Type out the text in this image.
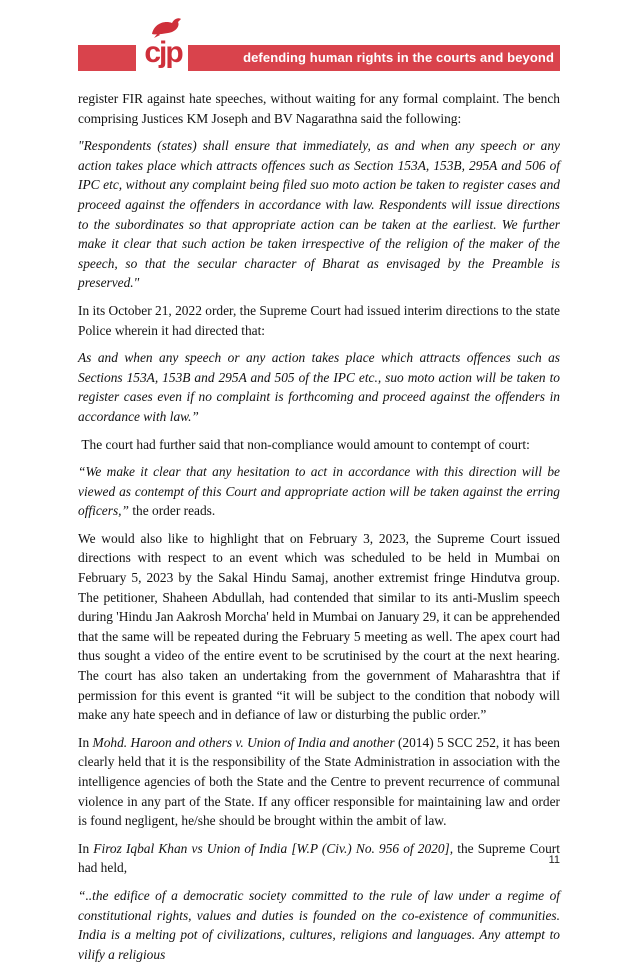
cjp	defending human rights in the courts and beyond

register FIR against hate speeches, without waiting for any formal complaint. The bench comprising Justices KM Joseph and BV Nagarathna said the following:

"Respondents (states) shall ensure that immediately, as and when any speech or any action takes place which attracts offences such as Section 153A, 153B, 295A and 506 of IPC etc, without any complaint being filed suo moto action be taken to register cases and proceed against the offenders in accordance with law. Respondents will issue directions to the subordinates so that appropriate action can be taken at the earliest. We further make it clear that such action be taken irrespective of the religion of the maker of the speech, so that the secular character of Bharat as envisaged by the Preamble is preserved."

In its October 21, 2022 order, the Supreme Court had issued interim directions to the state Police wherein it had directed that:

As and when any speech or any action takes place which attracts offences such as Sections 153A, 153B and 295A and 505 of the IPC etc., suo moto action will be taken to register cases even if no complaint is forthcoming and proceed against the offenders in accordance with law.”

The court had further said that non-compliance would amount to contempt of court:

“We make it clear that any hesitation to act in accordance with this direction will be viewed as contempt of this Court and appropriate action will be taken against the erring officers,” the order reads.

We would also like to highlight that on February 3, 2023, the Supreme Court issued directions with respect to an event which was scheduled to be held in Mumbai on February 5, 2023 by the Sakal Hindu Samaj, another extremist fringe Hindutva group. The petitioner, Shaheen Abdullah, had contended that similar to its anti-Muslim speech during 'Hindu Jan Aakrosh Morcha' held in Mumbai on January 29, it can be apprehended that the same will be repeated during the February 5 meeting as well. The apex court had thus sought a video of the entire event to be scrutinised by the court at the next hearing. The court has also taken an undertaking from the government of Maharashtra that if permission for this event is granted “it will be subject to the condition that nobody will make any hate speech and in defiance of law or disturbing the public order.”

In Mohd. Haroon and others v. Union of India and another (2014) 5 SCC 252, it has been clearly held that it is the responsibility of the State Administration in association with the intelligence agencies of both the State and the Centre to prevent recurrence of communal violence in any part of the State. If any officer responsible for maintaining law and order is found negligent, he/she should be brought within the ambit of law.

In Firoz Iqbal Khan vs Union of India [W.P (Civ.) No. 956 of 2020], the Supreme Court had held,

“..the edifice of a democratic society committed to the rule of law under a regime of constitutional rights, values and duties is founded on the co-existence of communities. India is a melting pot of civilizations, cultures, religions and languages. Any attempt to vilify a religious

11
